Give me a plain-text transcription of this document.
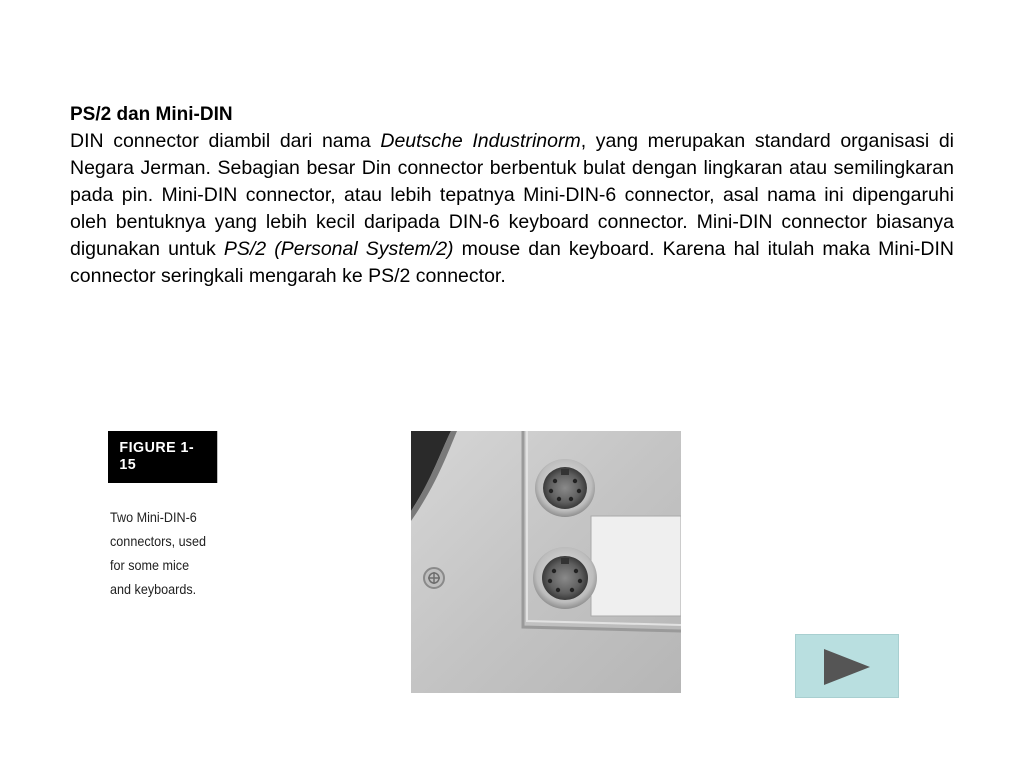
PS/2 dan Mini-DIN

DIN connector diambil dari nama Deutsche Industrinorm, yang merupakan standard organisasi di Negara Jerman. Sebagian besar Din connector berbentuk bulat dengan lingkaran atau semilingkaran pada pin. Mini-DIN connector, atau lebih tepatnya Mini-DIN-6 connector, asal nama ini dipengaruhi oleh bentuknya yang lebih kecil daripada DIN-6 keyboard connector. Mini-DIN connector biasanya digunakan untuk PS/2 (Personal System/2) mouse dan keyboard. Karena hal itulah maka Mini-DIN connector seringkali mengarah ke PS/2 connector.

FIGURE 1-15
Two Mini-DIN-6
connectors, used
for some mice
and keyboards.
